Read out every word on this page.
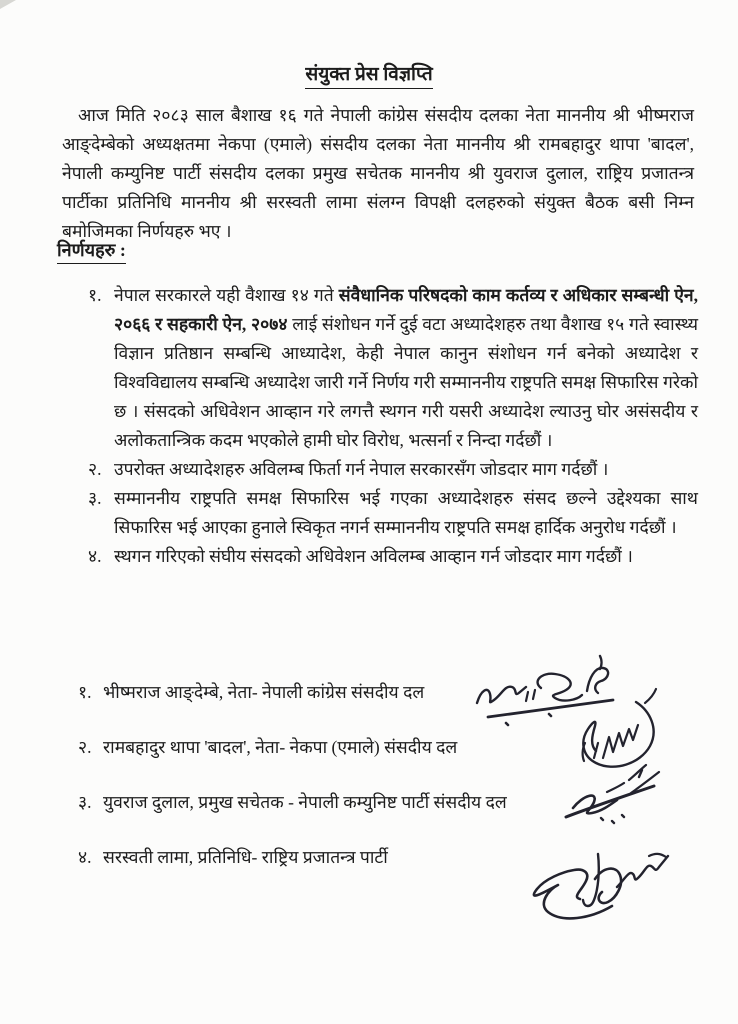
संयुक्त प्रेस विज्ञप्ति
आज मिति २०८३ साल बैशाख १६ गते नेपाली कांग्रेस संसदीय दलका नेता माननीय श्री भीष्मराज आङ्देम्बेको अध्यक्षतमा नेकपा (एमाले) संसदीय दलका नेता माननीय श्री रामबहादुर थापा 'बादल', नेपाली कम्युनिष्ट पार्टी संसदीय दलका प्रमुख सचेतक माननीय श्री युवराज दुलाल, राष्ट्रिय प्रजातन्त्र पार्टीका प्रतिनिधि माननीय श्री सरस्वती लामा संलग्न विपक्षी दलहरुको संयुक्त बैठक बसी निम्न बमोजिमका निर्णयहरु भए ।
निर्णयहरु :
१. नेपाल सरकारले यही वैशाख १४ गते संवैधानिक परिषदको काम कर्तव्य र अधिकार सम्बन्धी ऐन, २०६६ र सहकारी ऐन, २०७४ लाई संशोधन गर्ने दुई वटा अध्यादेशहरु तथा वैशाख १५ गते स्वास्थ्य विज्ञान प्रतिष्ठान सम्बन्धि आध्यादेश, केही नेपाल कानुन संशोधन गर्न बनेको अध्यादेश र विश्वविद्यालय सम्बन्धि अध्यादेश जारी गर्ने निर्णय गरी सम्माननीय राष्ट्रपति समक्ष सिफारिस गरेको छ । संसदको अधिवेशन आव्हान गरे लगत्तै स्थगन गरी यसरी अध्यादेश ल्याउनु घोर असंसदीय र अलोकतान्त्रिक कदम भएकोले हामी घोर विरोध, भत्सर्ना र निन्दा गर्दछौं ।
२. उपरोक्त अध्यादेशहरु अविलम्ब फिर्ता गर्न नेपाल सरकारसँग जोडदार माग गर्दछौं ।
३. सम्माननीय राष्ट्रपति समक्ष सिफारिस भई गएका अध्यादेशहरु संसद छल्ने उद्देश्यका साथ सिफारिस भई आएका हुनाले स्विकृत नगर्न सम्माननीय राष्ट्रपति समक्ष हार्दिक अनुरोध गर्दछौं ।
४. स्थगन गरिएको संघीय संसदको अधिवेशन अविलम्ब आव्हान गर्न जोडदार माग गर्दछौं ।
१. भीष्मराज आङ्देम्बे, नेता- नेपाली कांग्रेस संसदीय दल
२. रामबहादुर थापा 'बादल', नेता- नेकपा (एमाले) संसदीय दल
३. युवराज दुलाल, प्रमुख सचेतक - नेपाली कम्युनिष्ट पार्टी संसदीय दल
४. सरस्वती लामा, प्रतिनिधि- राष्ट्रिय प्रजातन्त्र पार्टी
